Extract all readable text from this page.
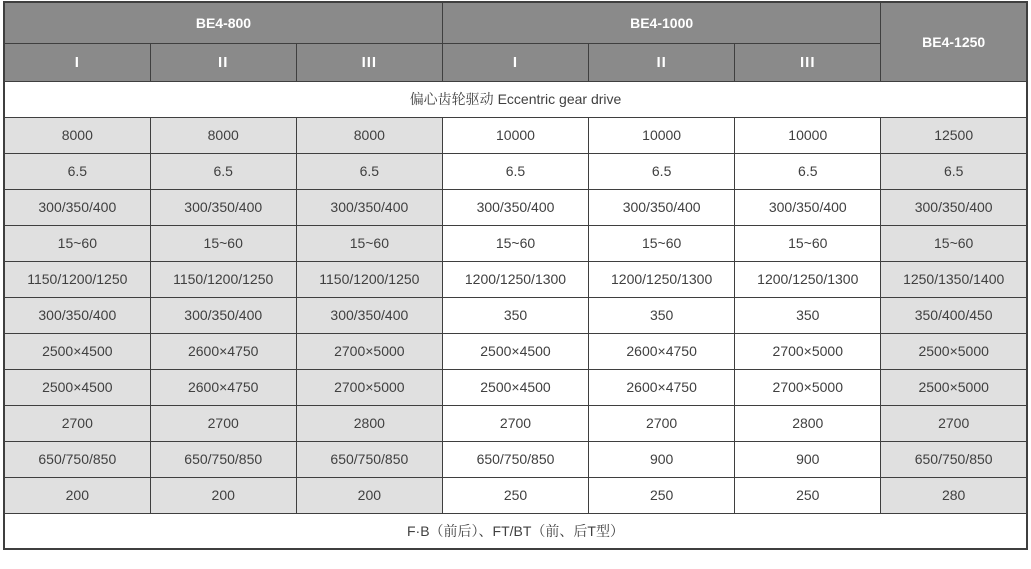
BE4-800			BE4-1000			BE4-1250
I	II	III	I	II	III	
偏心齿轮驱动 Eccentric gear drive						
8000	8000	8000	10000	10000	10000	12500
6.5	6.5	6.5	6.5	6.5	6.5	6.5
300/350/400	300/350/400	300/350/400	300/350/400	300/350/400	300/350/400	300/350/400
15~60	15~60	15~60	15~60	15~60	15~60	15~60
1150/1200/1250	1150/1200/1250	1150/1200/1250	1200/1250/1300	1200/1250/1300	1200/1250/1300	1250/1350/1400
300/350/400	300/350/400	300/350/400	350	350	350	350/400/450
2500×4500	2600×4750	2700×5000	2500×4500	2600×4750	2700×5000	2500×5000
2500×4500	2600×4750	2700×5000	2500×4500	2600×4750	2700×5000	2500×5000
2700	2700	2800	2700	2700	2800	2700
650/750/850	650/750/850	650/750/850	650/750/850	900	900	650/750/850
200	200	200	250	250	250	280
F·B（前后）、FT/BT（前、后T型）						
